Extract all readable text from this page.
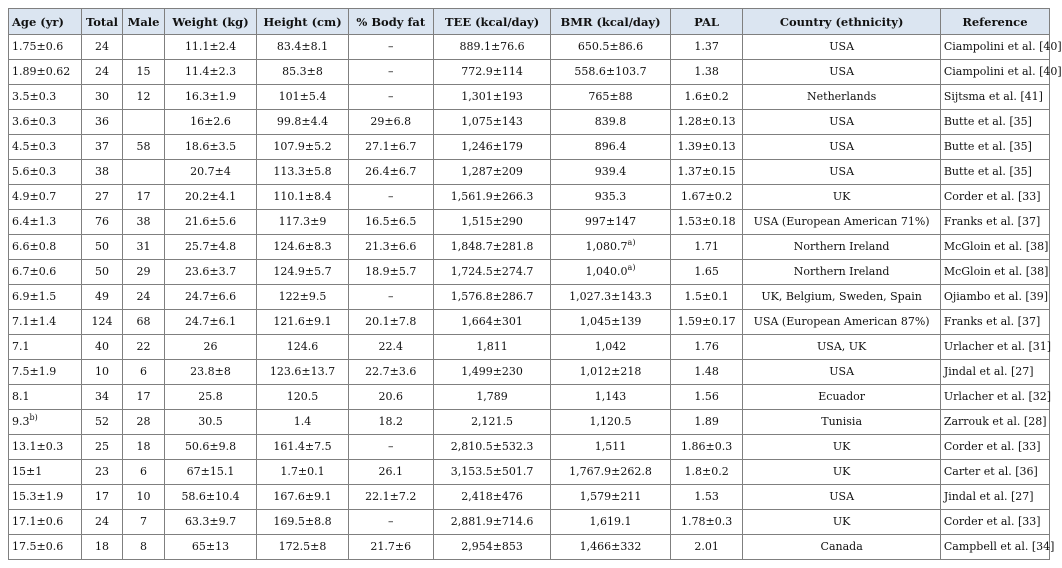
Age (yr)	Total	Male	Weight (kg)	Height (cm)	% Body fat	TEE (kcal/day)	BMR (kcal/day)	PAL	Country (ethnicity)	Reference
1.75±0.6	24		11.1±2.4	83.4±8.1	–	889.1±76.6	650.5±86.6	1.37	USA	Ciampolini et al. [40]
1.89±0.62	24	15	11.4±2.3	85.3±8	–	772.9±114	558.6±103.7	1.38	USA	Ciampolini et al. [40]
3.5±0.3	30	12	16.3±1.9	101±5.4	–	1,301±193	765±88	1.6±0.2	Netherlands	Sijtsma et al. [41]
3.6±0.3	36		16±2.6	99.8±4.4	29±6.8	1,075±143	839.8	1.28±0.13	USA	Butte et al. [35]
4.5±0.3	37	58	18.6±3.5	107.9±5.2	27.1±6.7	1,246±179	896.4	1.39±0.13	USA	Butte et al. [35]
5.6±0.3	38		20.7±4	113.3±5.8	26.4±6.7	1,287±209	939.4	1.37±0.15	USA	Butte et al. [35]
4.9±0.7	27	17	20.2±4.1	110.1±8.4	–	1,561.9±266.3	935.3	1.67±0.2	UK	Corder et al. [33]
6.4±1.3	76	38	21.6±5.6	117.3±9	16.5±6.5	1,515±290	997±147	1.53±0.18	USA (European American 71%)	Franks et al. [37]
6.6±0.8	50	31	25.7±4.8	124.6±8.3	21.3±6.6	1,848.7±281.8	1,080.7$^{a)}$	1.71	Northern Ireland	McGloin et al. [38]
6.7±0.6	50	29	23.6±3.7	124.9±5.7	18.9±5.7	1,724.5±274.7	1,040.0$^{a)}$	1.65	Northern Ireland	McGloin et al. [38]
6.9±1.5	49	24	24.7±6.6	122±9.5	–	1,576.8±286.7	1,027.3±143.3	1.5±0.1	UK, Belgium, Sweden, Spain	Ojiambo et al. [39]
7.1±1.4	124	68	24.7±6.1	121.6±9.1	20.1±7.8	1,664±301	1,045±139	1.59±0.17	USA (European American 87%)	Franks et al. [37]
7.1	40	22	26	124.6	22.4	1,811	1,042	1.76	USA, UK	Urlacher et al. [31]
7.5±1.9	10	6	23.8±8	123.6±13.7	22.7±3.6	1,499±230	1,012±218	1.48	USA	Jindal et al. [27]
8.1	34	17	25.8	120.5	20.6	1,789	1,143	1.56	Ecuador	Urlacher et al. [32]
9.3$^{b)}$	52	28	30.5	1.4	18.2	2,121.5	1,120.5	1.89	Tunisia	Zarrouk et al. [28]
13.1±0.3	25	18	50.6±9.8	161.4±7.5	–	2,810.5±532.3	1,511	1.86±0.3	UK	Corder et al. [33]
15±1	23	6	67±15.1	1.7±0.1	26.1	3,153.5±501.7	1,767.9±262.8	1.8±0.2	UK	Carter et al. [36]
15.3±1.9	17	10	58.6±10.4	167.6±9.1	22.1±7.2	2,418±476	1,579±211	1.53	USA	Jindal et al. [27]
17.1±0.6	24	7	63.3±9.7	169.5±8.8	–	2,881.9±714.6	1,619.1	1.78±0.3	UK	Corder et al. [33]
17.5±0.6	18	8	65±13	172.5±8	21.7±6	2,954±853	1,466±332	2.01	Canada	Campbell et al. [34]
